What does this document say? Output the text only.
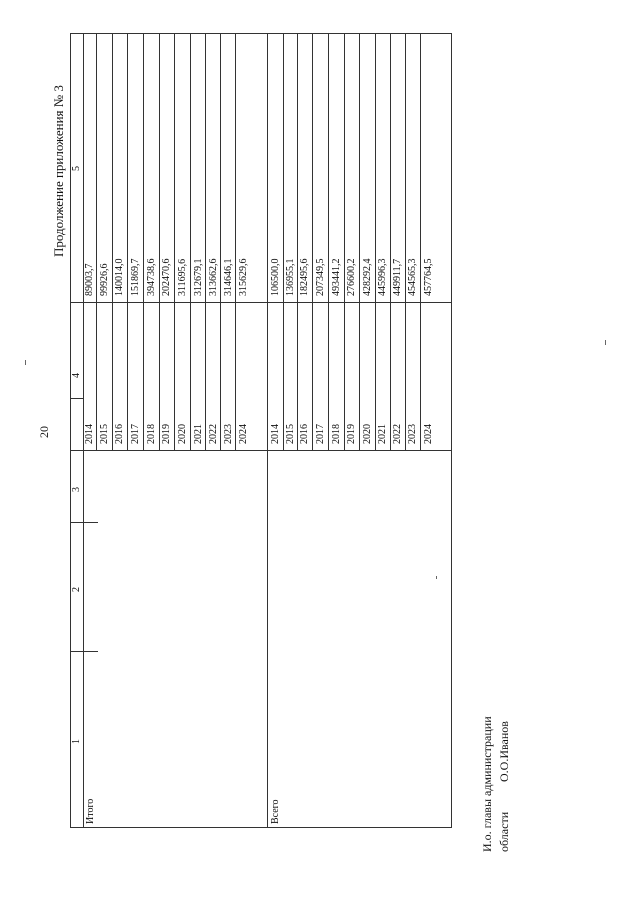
20
Продолжение приложения № 3
1
2
3
4
5
Итого	Всего
2014 2015 2016 2017 2018 2019 2020 2021 2022 2023 2024
89003,7 99926,6 140014,0 151869,7 394738,6 202470,6 311695,6 312679,1 313662,6 314646,1 315629,6
2014 2015 2016 2017 2018 2019 2020 2021 2022 2023 2024
106500,0 136955,1 182495,6 207349,5 493441,2 276600,2 428292,4 445996,3 449911,7 454565,3 457764,5
И.о. главы администрации области
О.О.Иванов
